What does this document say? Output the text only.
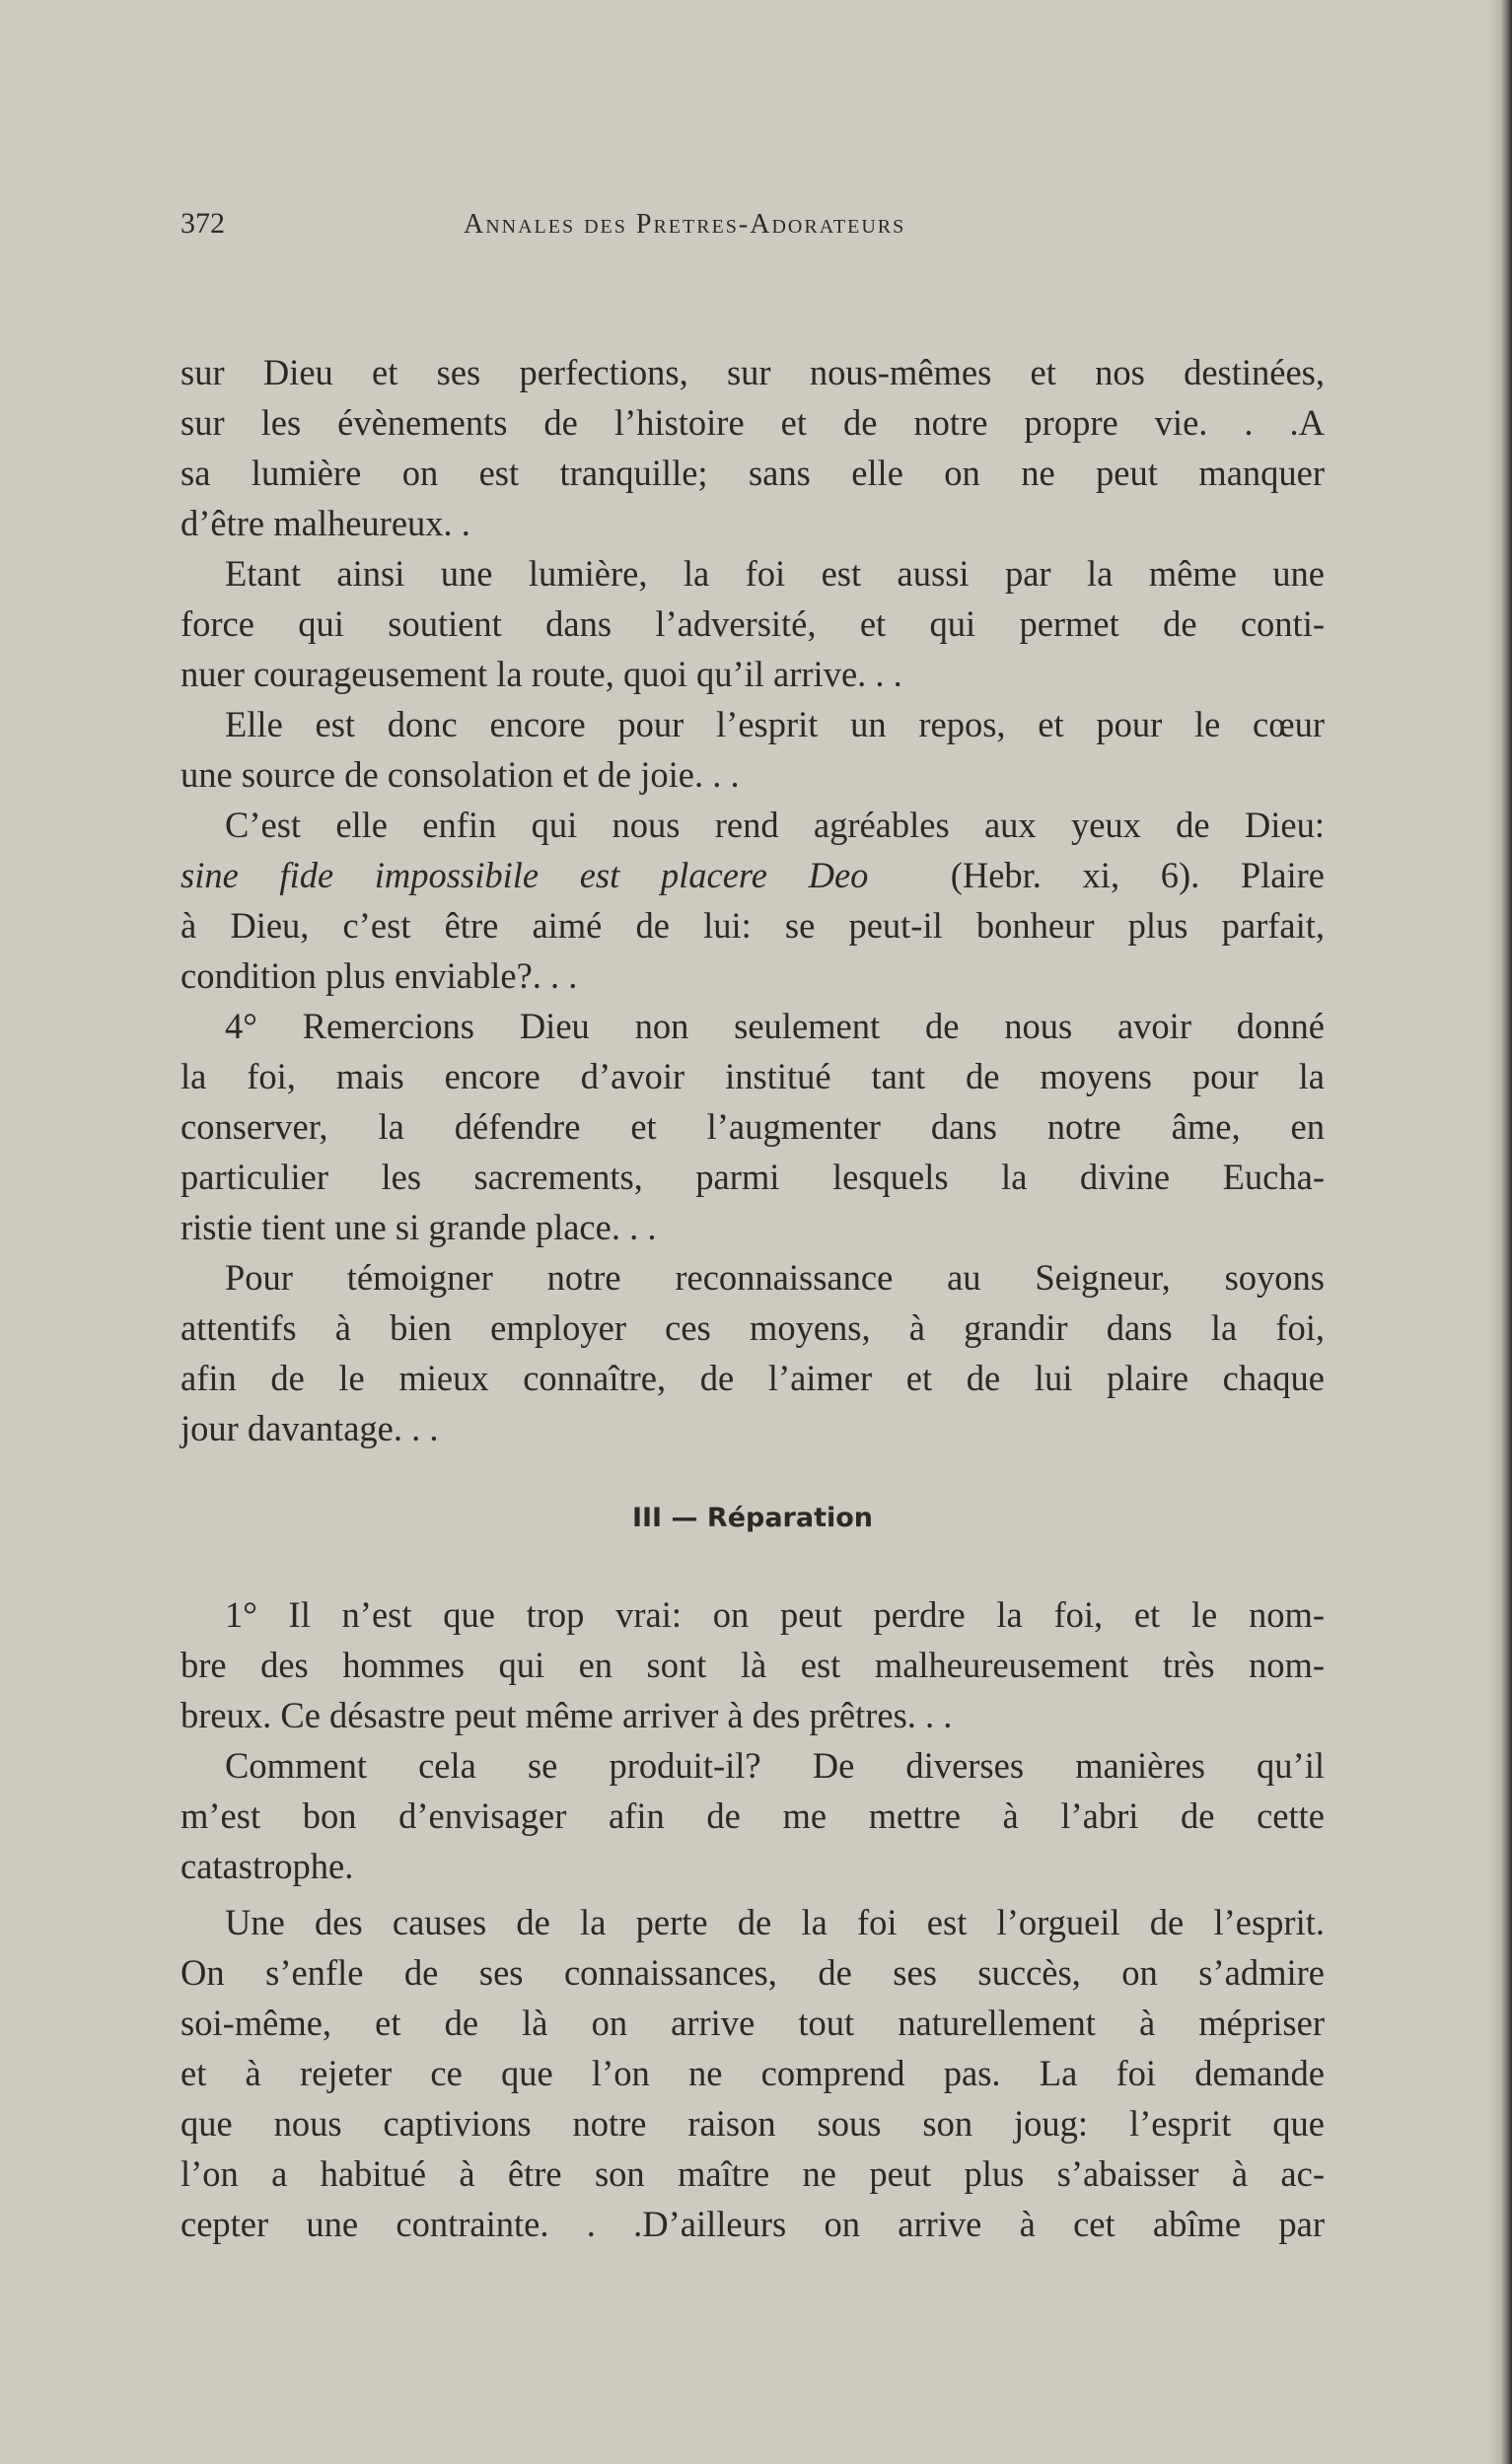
372	Annales des Pretres-Adorateurs
sur Dieu et ses perfections, sur nous-mêmes et nos destinées,
sur les évènements de l’histoire et de notre propre vie. . .A
sa lumière on est tranquille; sans elle on ne peut manquer
d’être malheureux. .
Etant ainsi une lumière, la foi est aussi par la même une
force qui soutient dans l’adversité, et qui permet de conti-
nuer courageusement la route, quoi qu’il arrive. . .
Elle est donc encore pour l’esprit un repos, et pour le cœur
une source de consolation et de joie. . .
C’est elle enfin qui nous rend agréables aux yeux de Dieu:
sine fide impossibile est placere Deo (Hebr. xi, 6). Plaire
à Dieu, c’est être aimé de lui: se peut-il bonheur plus parfait,
condition plus enviable?. . .
4° Remercions Dieu non seulement de nous avoir donné
la foi, mais encore d’avoir institué tant de moyens pour la
conserver, la défendre et l’augmenter dans notre âme, en
particulier les sacrements, parmi lesquels la divine Eucha-
ristie tient une si grande place. . .
Pour témoigner notre reconnaissance au Seigneur, soyons
attentifs à bien employer ces moyens, à grandir dans la foi,
afin de le mieux connaître, de l’aimer et de lui plaire chaque
jour davantage. . .
III — Réparation
1° Il n’est que trop vrai: on peut perdre la foi, et le nom-
bre des hommes qui en sont là est malheureusement très nom-
breux. Ce désastre peut même arriver à des prêtres. . .
Comment cela se produit-il? De diverses manières qu’il
m’est bon d’envisager afin de me mettre à l’abri de cette
catastrophe.
Une des causes de la perte de la foi est l’orgueil de l’esprit.
On s’enfle de ses connaissances, de ses succès, on s’admire
soi-même, et de là on arrive tout naturellement à mépriser
et à rejeter ce que l’on ne comprend pas. La foi demande
que nous captivions notre raison sous son joug: l’esprit que
l’on a habitué à être son maître ne peut plus s’abaisser à ac-
cepter une contrainte. . .D’ailleurs on arrive à cet abîme par
